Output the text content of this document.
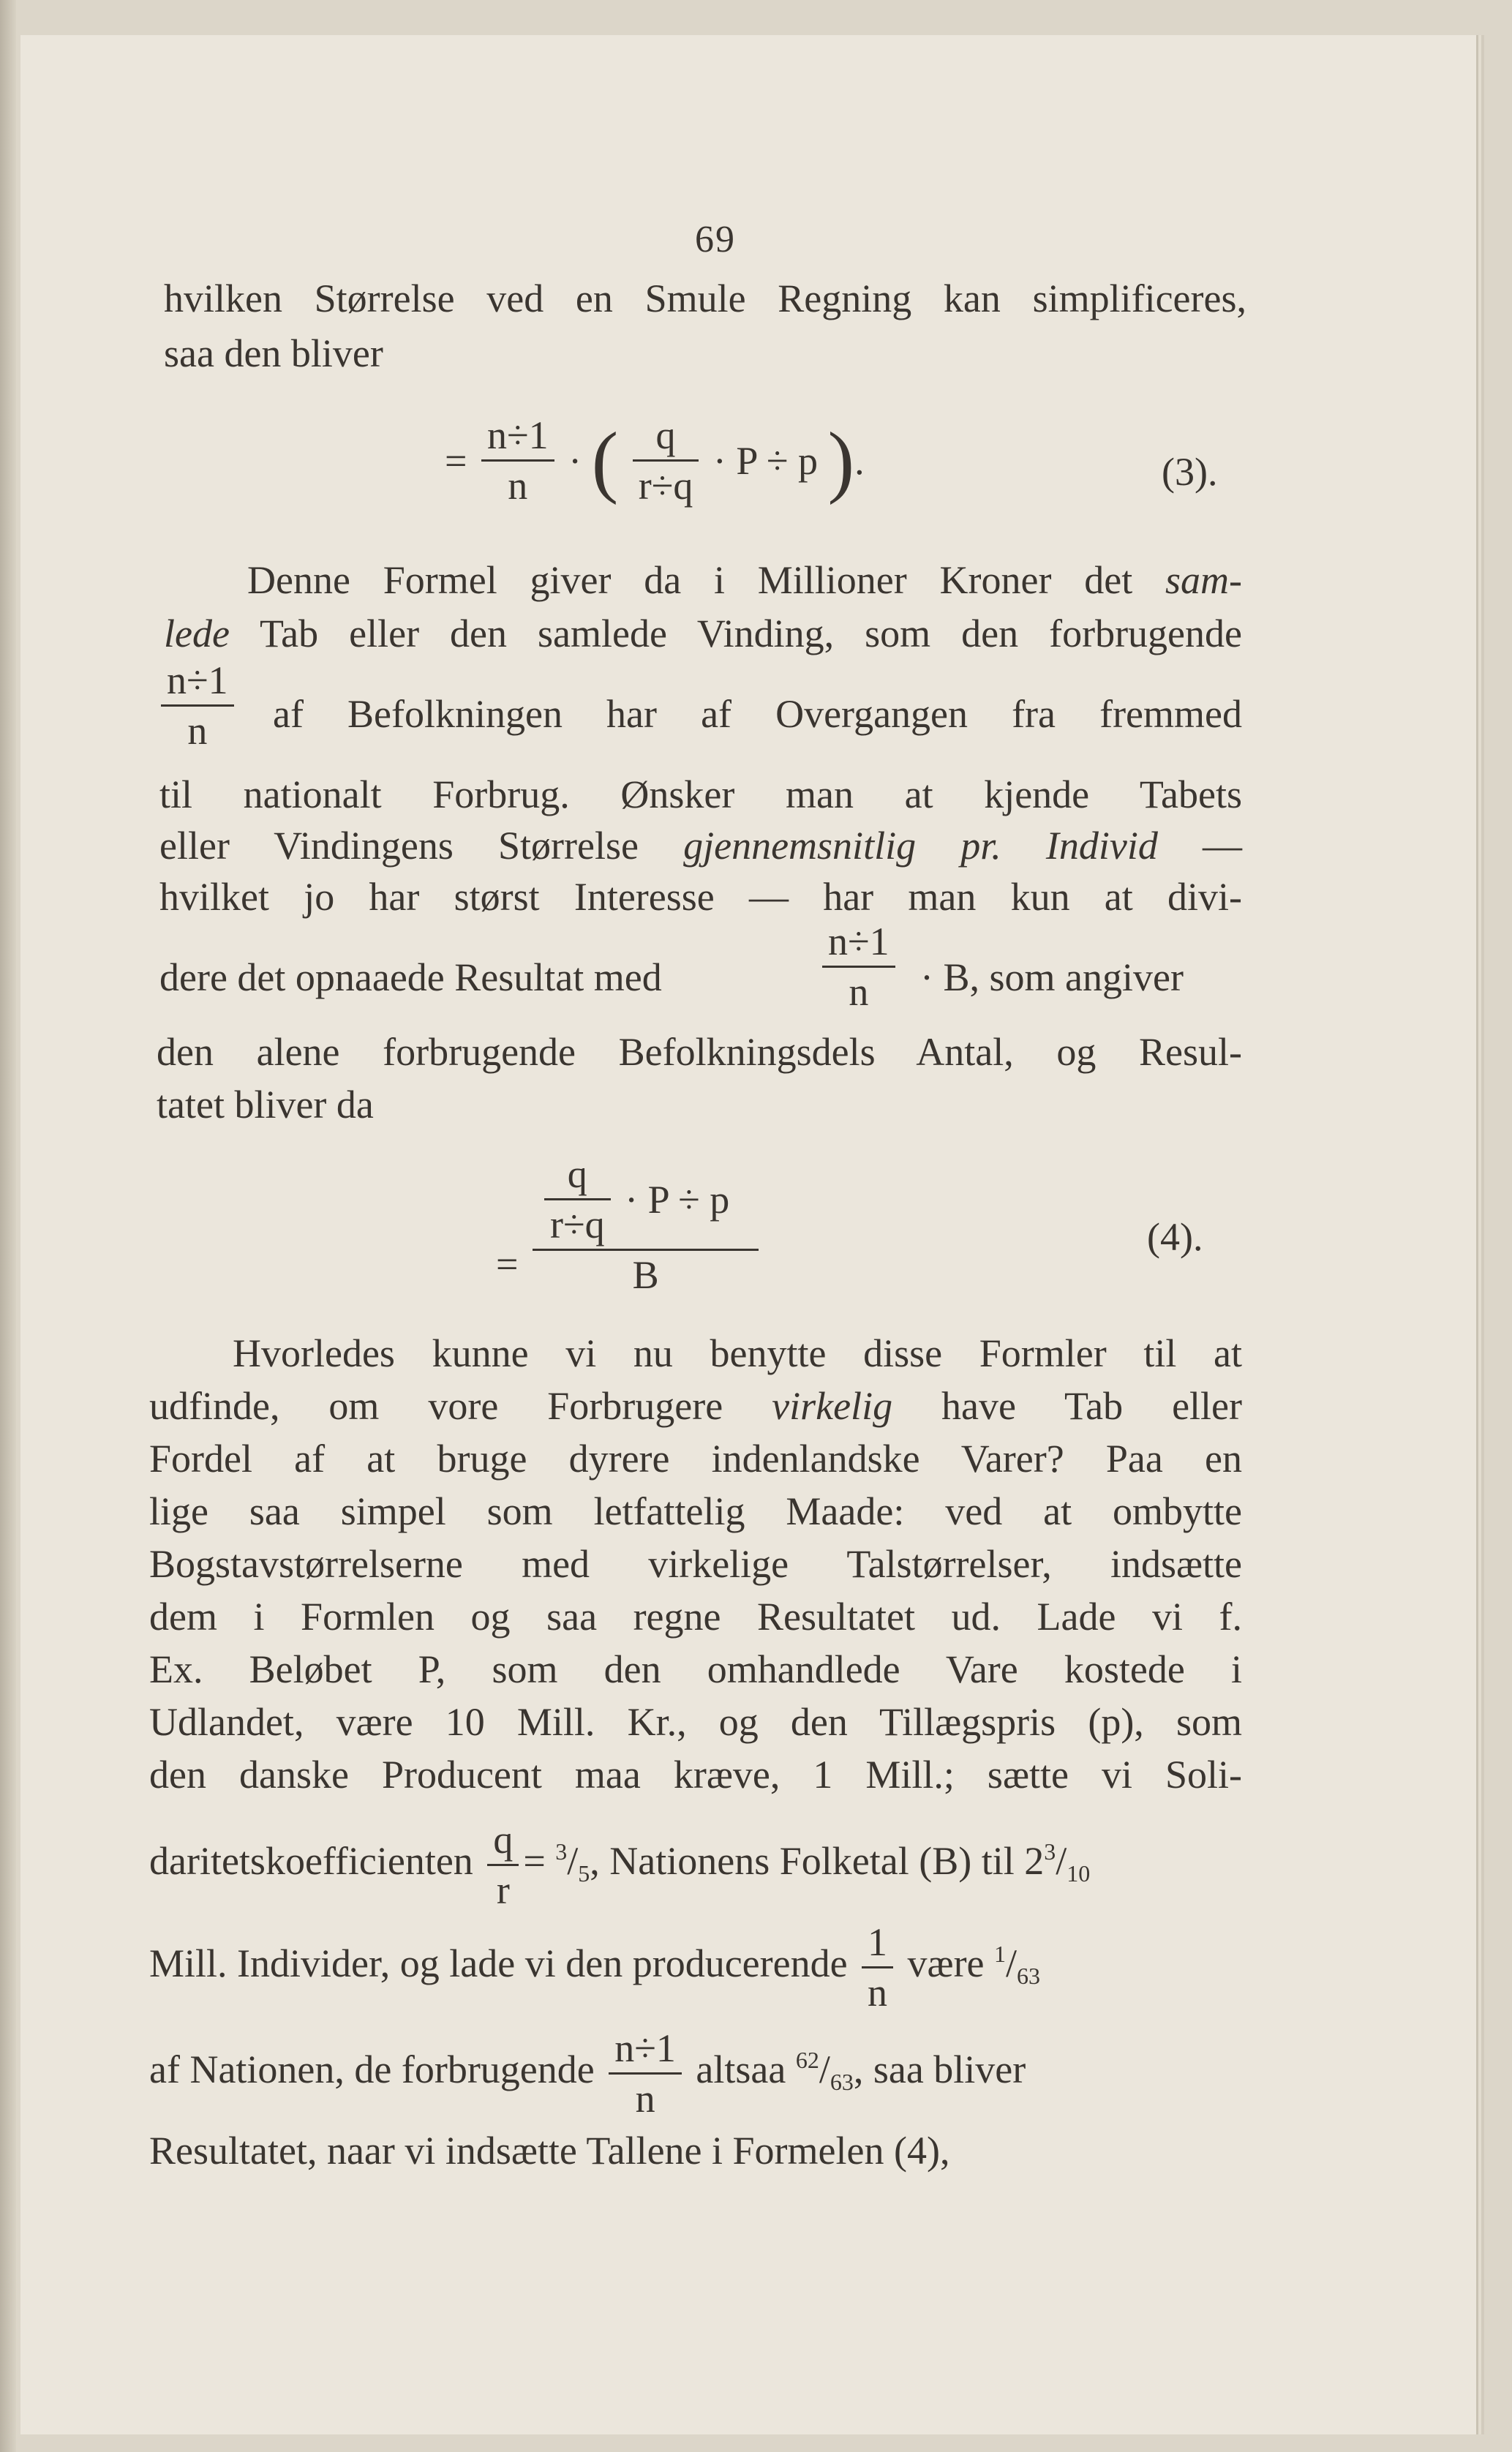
69
hvilken Størrelse ved en Smule Regning kan simplificeres,
saa den bliver
= $\frac{n\div 1}{n}$ · ( $\frac{q}{r\div q} \cdot P \div p$ ).	(3).
Denne Formel giver da i Millioner Kroner det sam-
lede Tab eller den samlede Vinding, som den forbrugende
$\frac{n\div 1}{n}$ af Befolkningen har af Overgangen fra fremmed
til nationalt Forbrug. Ønsker man at kjende Tabets
eller Vindingens Størrelse gjennemsnitlig pr. Individ —
hvilket jo har størst Interesse — har man kun at divi-
dere det opnaaede Resultat med	$\frac{n\div 1}{n} \cdot B$, som angiver
den alene forbrugende Befolkningsdels Antal, og Resul-
tatet bliver da
= $\frac{\frac{q}{r\div q} \cdot P \div p}{B}$	(4).
Hvorledes kunne vi nu benytte disse Formler til at
udfinde, om vore Forbrugere virkelig have Tab eller
Fordel af at bruge dyrere indenlandske Varer? Paa en
lige saa simpel som letfattelig Maade: ved at ombytte
Bogstavstørrelserne med virkelige Talstørrelser, indsætte
dem i Formlen og saa regne Resultatet ud. Lade vi f.
Ex. Beløbet P, som den omhandlede Vare kostede i
Udlandet, være 10 Mill. Kr., og den Tillægspris (p), som
den danske Producent maa kræve, 1 Mill.; sætte vi Soli-
daritetskoefficienten $\frac{q}{r} = ^3/_5$, Nationens Folketal (B) til $2^3/_{10}$
Mill. Individer, og lade vi den producerende $\frac{1}{n}$ være $^1/_{63}$
af Nationen, de forbrugende $\frac{n\div 1}{n}$ altsaa $^{62}/_{63}$, saa bliver
Resultatet, naar vi indsætte Tallene i Formelen (4),
